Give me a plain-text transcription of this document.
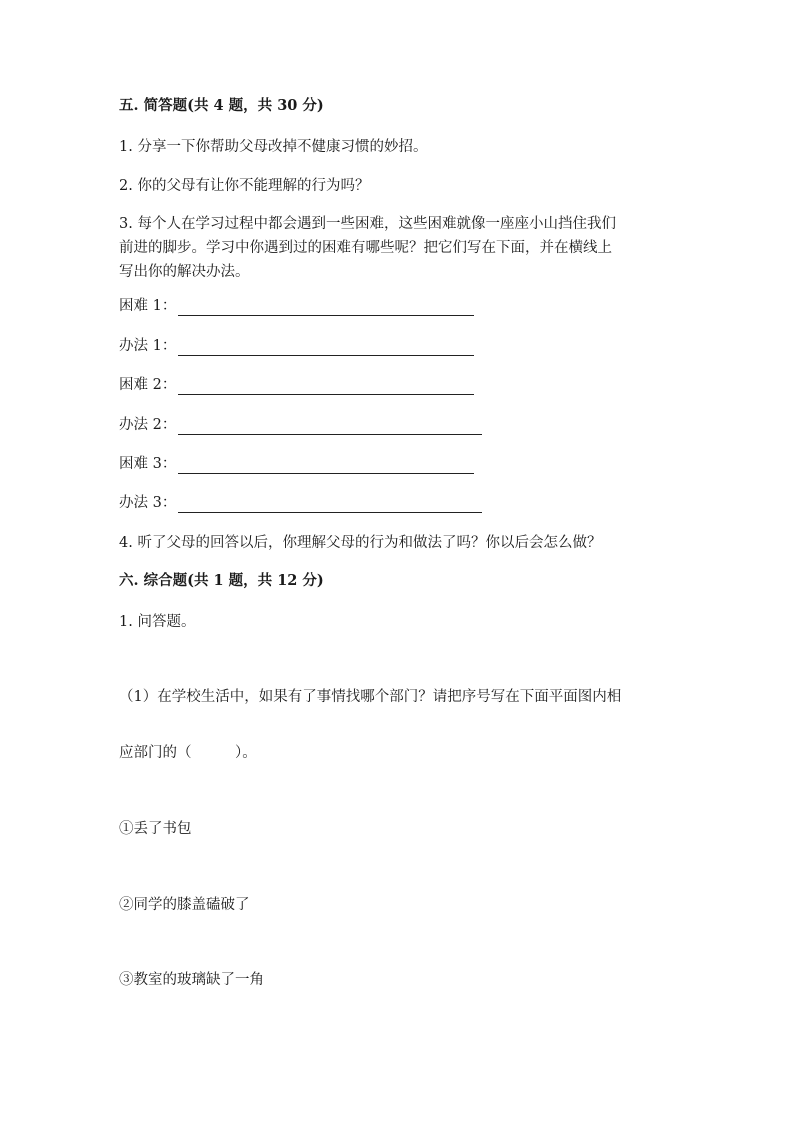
五. 简答题(共 4 题，共 30 分)
1. 分享一下你帮助父母改掉不健康习惯的妙招。
2. 你的父母有让你不能理解的行为吗？
3. 每个人在学习过程中都会遇到一些困难，这些困难就像一座座小山挡住我们
前进的脚步。学习中你遇到过的困难有哪些呢？把它们写在下面，并在横线上
写出你的解决办法。
困难 1：
办法 1：
困难 2：
办法 2：
困难 3：
办法 3：
4. 听了父母的回答以后，你理解父母的行为和做法了吗？你以后会怎么做？
六. 综合题(共 1 题，共 12 分)
1. 问答题。
（1）在学校生活中，如果有了事情找哪个部门？请把序号写在下面平面图内相
应部门的（　　　）。
①丢了书包
②同学的膝盖磕破了
③教室的玻璃缺了一角
